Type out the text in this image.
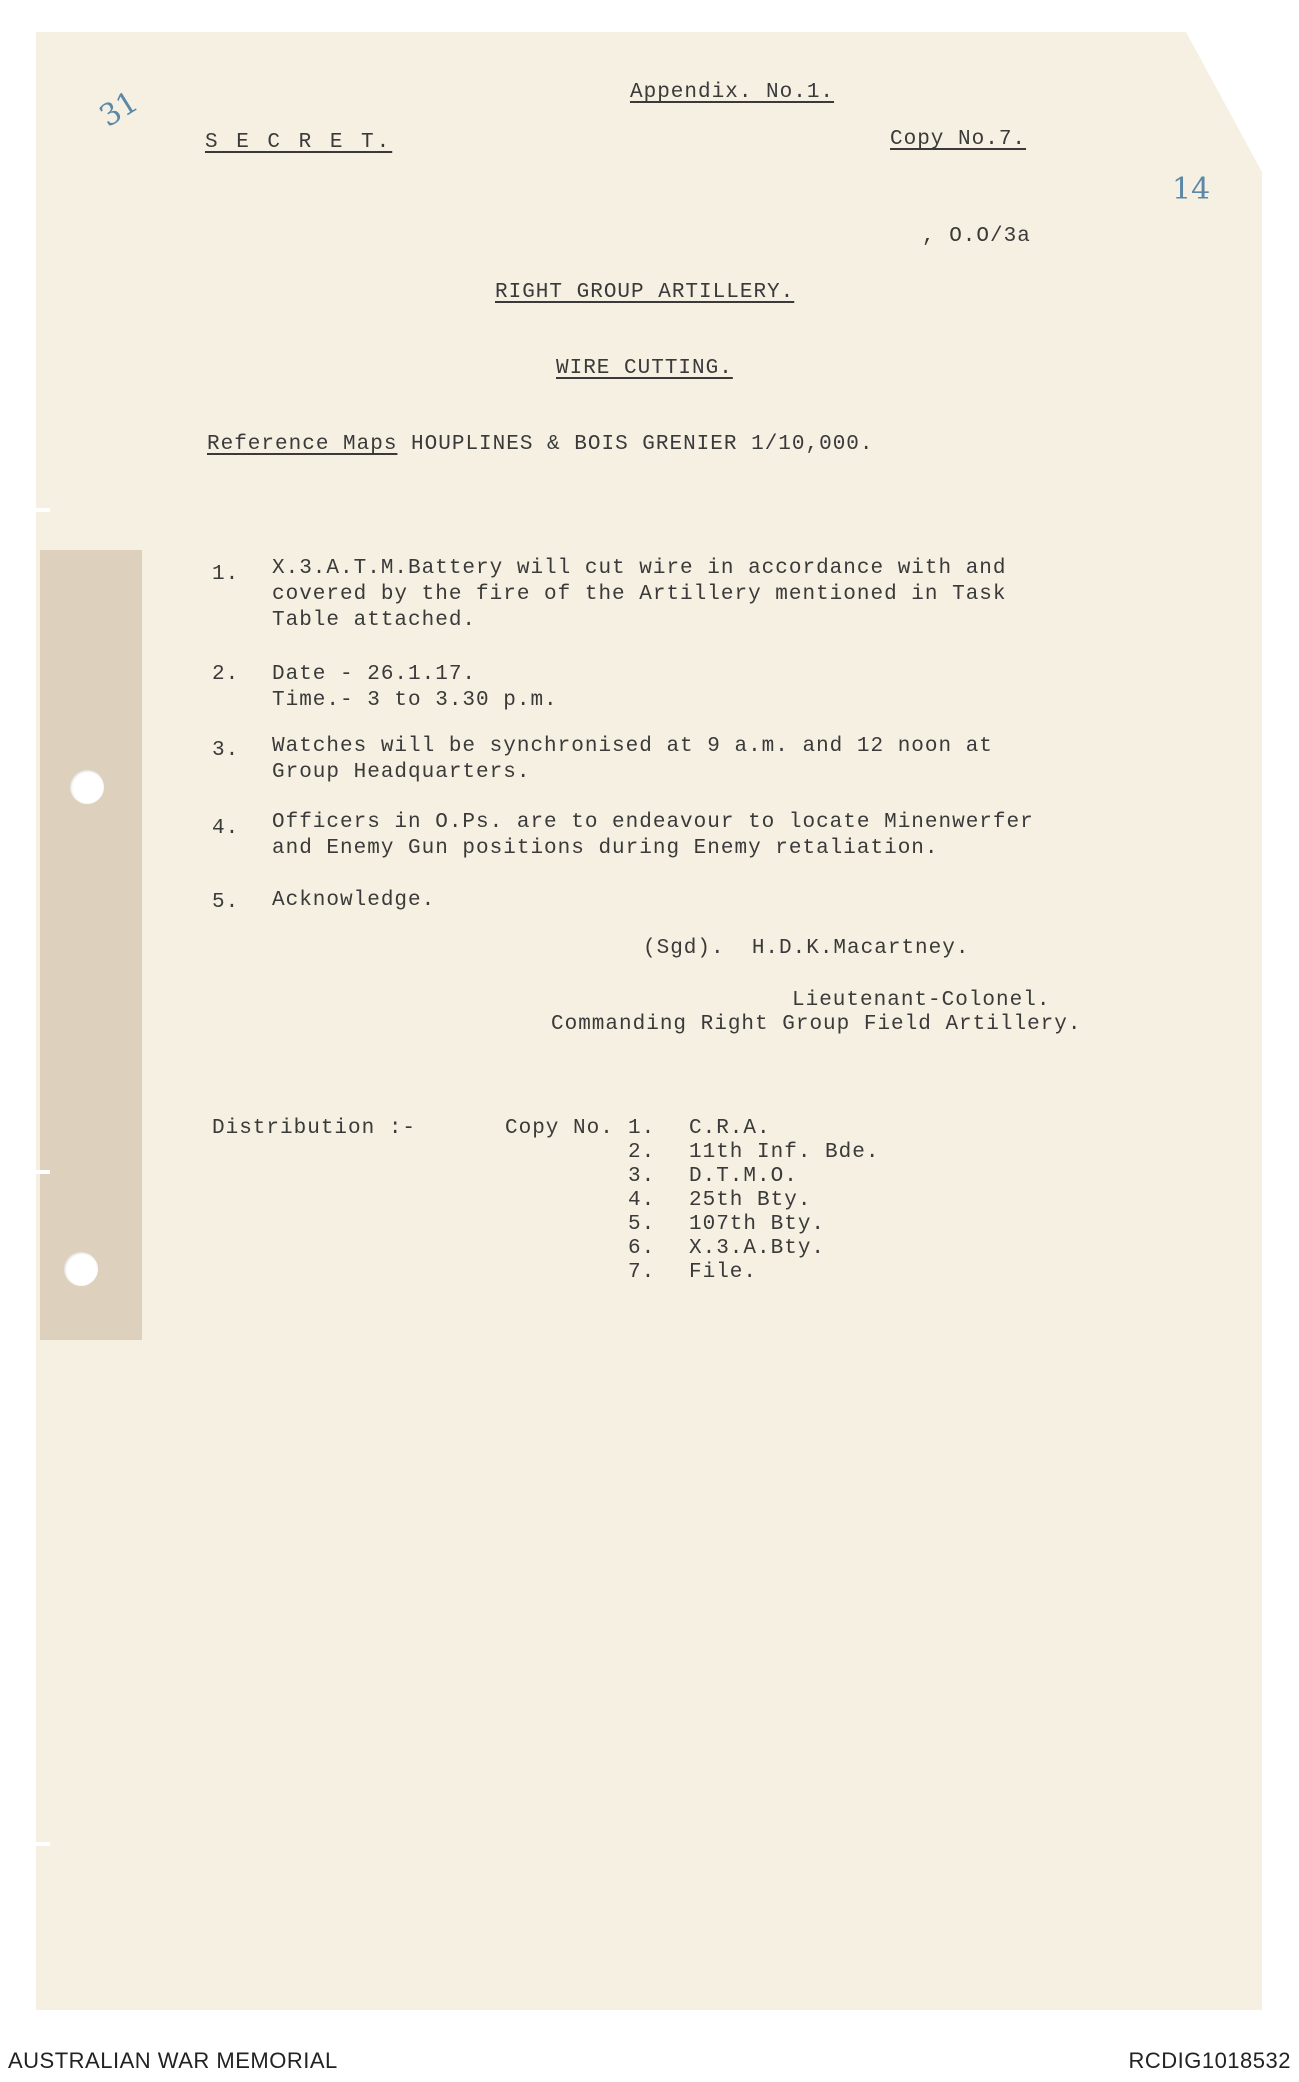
31
14
, O.O/3a
Appendix. No.1.
S E C R E T.	Copy No.7.
RIGHT GROUP ARTILLERY.
WIRE CUTTING.
Reference Maps HOUPLINES & BOIS GRENIER 1/10,000.
1. X.3.A.T.M.Battery will cut wire in accordance with and
covered by the fire of the Artillery mentioned in Task
Table attached.
2. Date - 26.1.17.
Time.- 3 to 3.30 p.m.
3. Watches will be synchronised at 9 a.m. and 12 noon at
Group Headquarters.
4. Officers in O.Ps. are to endeavour to locate Minenwerfer
and Enemy Gun positions during Enemy retaliation.
5. Acknowledge.
(Sgd).  H.D.K.Macartney.
Lieutenant-Colonel.
Commanding Right Group Field Artillery.
Distribution :-	Copy No. 1. C.R.A.
2. 11th Inf. Bde.
3. D.T.M.O.
4. 25th Bty.
5. 107th Bty.
6. X.3.A.Bty.
7. File.
AUSTRALIAN WAR MEMORIAL	RCDIG1018532
